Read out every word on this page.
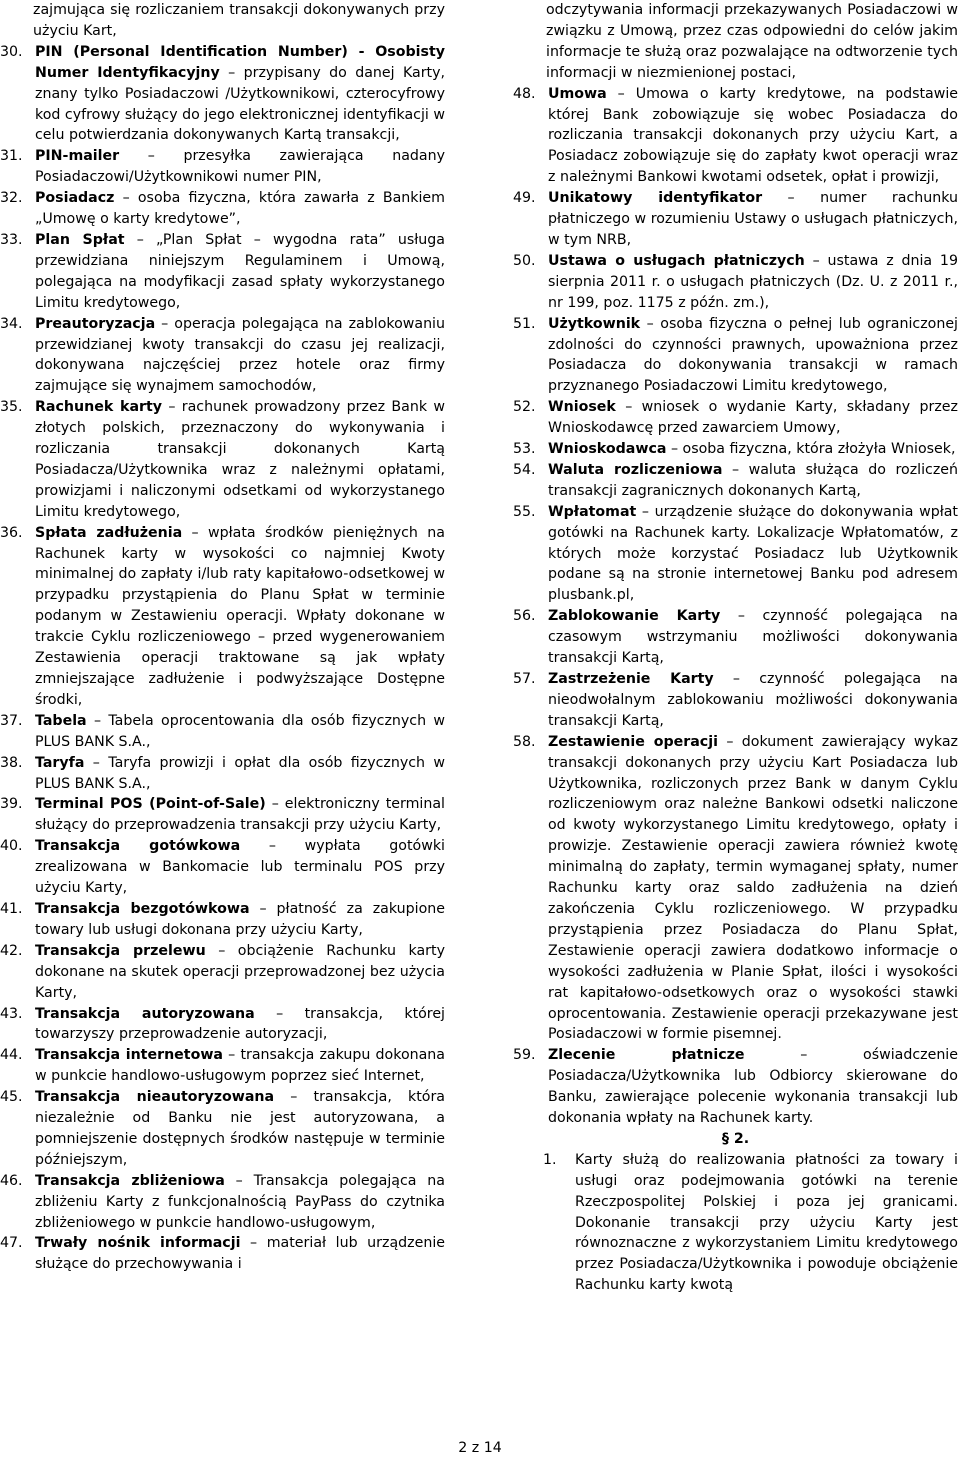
zajmująca się rozliczaniem transakcji dokonywanych przy użyciu Kart,
30. PIN (Personal Identification Number) - Osobisty Numer Identyfikacyjny – przypisany do danej Karty, znany tylko Posiadaczowi /Użytkownikowi, czterocyfrowy kod cyfrowy służący do jego elektronicznej identyfikacji w celu potwierdzania dokonywanych Kartą transakcji,
31. PIN-mailer – przesyłka zawierająca nadany Posiadaczowi/Użytkownikowi numer PIN,
32. Posiadacz – osoba fizyczna, która zawarła z Bankiem „Umowę o karty kredytowe”,
33. Plan Spłat – „Plan Spłat – wygodna rata” usługa przewidziana niniejszym Regulaminem i Umową, polegająca na modyfikacji zasad spłaty wykorzystanego Limitu kredytowego,
34. Preautoryzacja – operacja polegająca na zablokowaniu przewidzianej kwoty transakcji do czasu jej realizacji, dokonywana najczęściej przez hotele oraz firmy zajmujące się wynajmem samochodów,
35. Rachunek karty – rachunek prowadzony przez Bank w złotych polskich, przeznaczony do wykonywania i rozliczania transakcji dokonanych Kartą Posiadacza/Użytkownika wraz z należnymi opłatami, prowizjami i naliczonymi odsetkami od wykorzystanego Limitu kredytowego,
36. Spłata zadłużenia – wpłata środków pieniężnych na Rachunek karty w wysokości co najmniej Kwoty minimalnej do zapłaty i/lub raty kapitałowo-odsetkowej w przypadku przystąpienia do Planu Spłat w terminie podanym w Zestawieniu operacji. Wpłaty dokonane w trakcie Cyklu rozliczeniowego – przed wygenerowaniem Zestawienia operacji traktowane są jak wpłaty zmniejszające zadłużenie i podwyższające Dostępne środki,
37. Tabela – Tabela oprocentowania dla osób fizycznych w PLUS BANK S.A.,
38. Taryfa – Taryfa prowizji i opłat dla osób fizycznych w PLUS BANK S.A.,
39. Terminal POS (Point-of-Sale) – elektroniczny terminal służący do przeprowadzenia transakcji przy użyciu Karty,
40. Transakcja gotówkowa – wypłata gotówki zrealizowana w Bankomacie lub terminalu POS przy użyciu Karty,
41. Transakcja bezgotówkowa – płatność za zakupione towary lub usługi dokonana przy użyciu Karty,
42. Transakcja przelewu – obciążenie Rachunku karty dokonane na skutek operacji przeprowadzonej bez użycia Karty,
43. Transakcja autoryzowana – transakcja, której towarzyszy przeprowadzenie autoryzacji,
44. Transakcja internetowa – transakcja zakupu dokonana w punkcie handlowo-usługowym poprzez sieć Internet,
45. Transakcja nieautoryzowana – transakcja, która niezależnie od Banku nie jest autoryzowana, a pomniejszenie dostępnych środków następuje w terminie późniejszym,
46. Transakcja zbliżeniowa – Transakcja polegająca na zbliżeniu Karty z funkcjonalnością PayPass do czytnika zbliżeniowego w punkcie handlowo-usługowym,
47. Trwały nośnik informacji – materiał lub urządzenie służące do przechowywania i
odczytywania informacji przekazywanych Posiadaczowi w związku z Umową, przez czas odpowiedni do celów jakim informacje te służą oraz pozwalające na odtworzenie tych informacji w niezmienionej postaci,
48. Umowa – Umowa o karty kredytowe, na podstawie której Bank zobowiązuje się wobec Posiadacza do rozliczania transakcji dokonanych przy użyciu Kart, a Posiadacz zobowiązuje się do zapłaty kwot operacji wraz z należnymi Bankowi kwotami odsetek, opłat i prowizji,
49. Unikatowy identyfikator – numer rachunku płatniczego w rozumieniu Ustawy o usługach płatniczych, w tym NRB,
50. Ustawa o usługach płatniczych – ustawa z dnia 19 sierpnia 2011 r. o usługach płatniczych (Dz. U. z 2011 r., nr 199, poz. 1175 z późn. zm.),
51. Użytkownik – osoba fizyczna o pełnej lub ograniczonej zdolności do czynności prawnych, upoważniona przez Posiadacza do dokonywania transakcji w ramach przyznanego Posiadaczowi Limitu kredytowego,
52. Wniosek – wniosek o wydanie Karty, składany przez Wnioskodawcę przed zawarciem Umowy,
53. Wnioskodawca – osoba fizyczna, która złożyła Wniosek,
54. Waluta rozliczeniowa – waluta służąca do rozliczeń transakcji zagranicznych dokonanych Kartą,
55. Wpłatomat – urządzenie służące do dokonywania wpłat gotówki na Rachunek karty. Lokalizacje Wpłatomatów, z których może korzystać Posiadacz lub Użytkownik podane są na stronie internetowej Banku pod adresem plusbank.pl,
56. Zablokowanie Karty – czynność polegająca na czasowym wstrzymaniu możliwości dokonywania transakcji Kartą,
57. Zastrzeżenie Karty – czynność polegająca na nieodwołalnym zablokowaniu możliwości dokonywania transakcji Kartą,
58. Zestawienie operacji – dokument zawierający wykaz transakcji dokonanych przy użyciu Kart Posiadacza lub Użytkownika, rozliczonych przez Bank w danym Cyklu rozliczeniowym oraz należne Bankowi odsetki naliczone od kwoty wykorzystanego Limitu kredytowego, opłaty i prowizje. Zestawienie operacji zawiera również kwotę minimalną do zapłaty, termin wymaganej spłaty, numer Rachunku karty oraz saldo zadłużenia na dzień zakończenia Cyklu rozliczeniowego. W przypadku przystąpienia przez Posiadacza do Planu Spłat, Zestawienie operacji zawiera dodatkowo informacje o wysokości zadłużenia w Planie Spłat, ilości i wysokości rat kapitałowo-odsetkowych oraz o wysokości stawki oprocentowania. Zestawienie operacji przekazywane jest Posiadaczowi w formie pisemnej.
59. Zlecenie płatnicze – oświadczenie Posiadacza/Użytkownika lub Odbiorcy skierowane do Banku, zawierające polecenie wykonania transakcji lub dokonania wpłaty na Rachunek karty.
§ 2.
1.	Karty służą do realizowania płatności za towary i usługi oraz podejmowania gotówki na terenie Rzeczpospolitej Polskiej i poza jej granicami. Dokonanie transakcji przy użyciu Karty jest równoznaczne z wykorzystaniem Limitu kredytowego przez Posiadacza/Użytkownika i powoduje obciążenie Rachunku karty kwotą
2 z 14
